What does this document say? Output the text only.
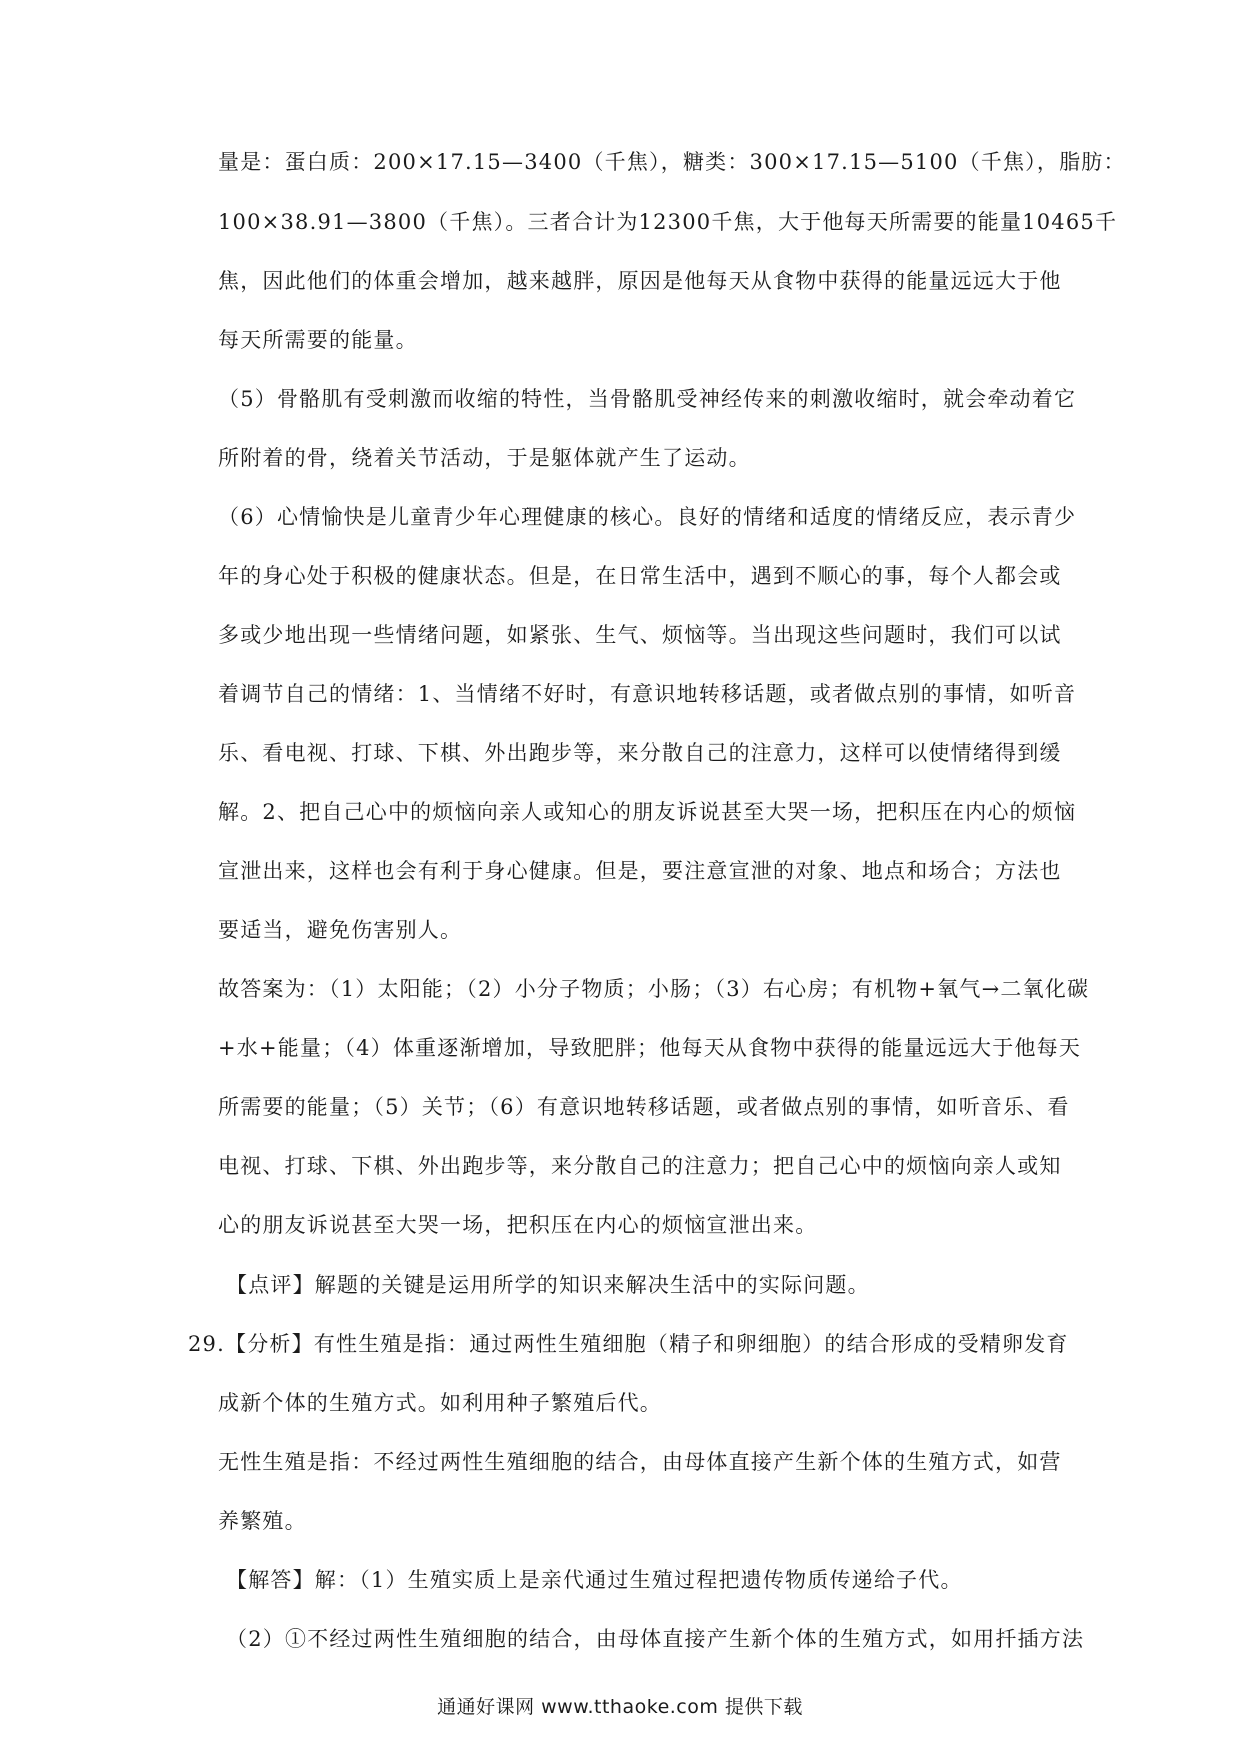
量是：蛋白质：200×17.15—3400（千焦），糖类：300×17.15—5100（千焦），脂肪：
100×38.91—3800（千焦）。三者合计为12300千焦，大于他每天所需要的能量10465千
焦，因此他们的体重会增加，越来越胖，原因是他每天从食物中获得的能量远远大于他
每天所需要的能量。
（5）骨骼肌有受刺激而收缩的特性，当骨骼肌受神经传来的刺激收缩时，就会牵动着它
所附着的骨，绕着关节活动，于是躯体就产生了运动。
（6）心情愉快是儿童青少年心理健康的核心。良好的情绪和适度的情绪反应，表示青少
年的身心处于积极的健康状态。但是，在日常生活中，遇到不顺心的事，每个人都会或
多或少地出现一些情绪问题，如紧张、生气、烦恼等。当出现这些问题时，我们可以试
着调节自己的情绪：1、当情绪不好时，有意识地转移话题，或者做点别的事情，如听音
乐、看电视、打球、下棋、外出跑步等，来分散自己的注意力，这样可以使情绪得到缓
解。2、把自己心中的烦恼向亲人或知心的朋友诉说甚至大哭一场，把积压在内心的烦恼
宣泄出来，这样也会有利于身心健康。但是，要注意宣泄的对象、地点和场合；方法也
要适当，避免伤害别人。
故答案为：（1）太阳能；（2）小分子物质；小肠；（3）右心房；有机物+氧气→二氧化碳
+水+能量；（4）体重逐渐增加，导致肥胖；他每天从食物中获得的能量远远大于他每天
所需要的能量；（5）关节；（6）有意识地转移话题，或者做点别的事情，如听音乐、看
电视、打球、下棋、外出跑步等，来分散自己的注意力；把自己心中的烦恼向亲人或知
心的朋友诉说甚至大哭一场，把积压在内心的烦恼宣泄出来。
【点评】解题的关键是运用所学的知识来解决生活中的实际问题。
29.【分析】有性生殖是指：通过两性生殖细胞（精子和卵细胞）的结合形成的受精卵发育
成新个体的生殖方式。如利用种子繁殖后代。
无性生殖是指：不经过两性生殖细胞的结合，由母体直接产生新个体的生殖方式，如营
养繁殖。
【解答】解：（1）生殖实质上是亲代通过生殖过程把遗传物质传递给子代。
（2）①不经过两性生殖细胞的结合，由母体直接产生新个体的生殖方式，如用扦插方法
通通好课网 www.tthaoke.com 提供下载
